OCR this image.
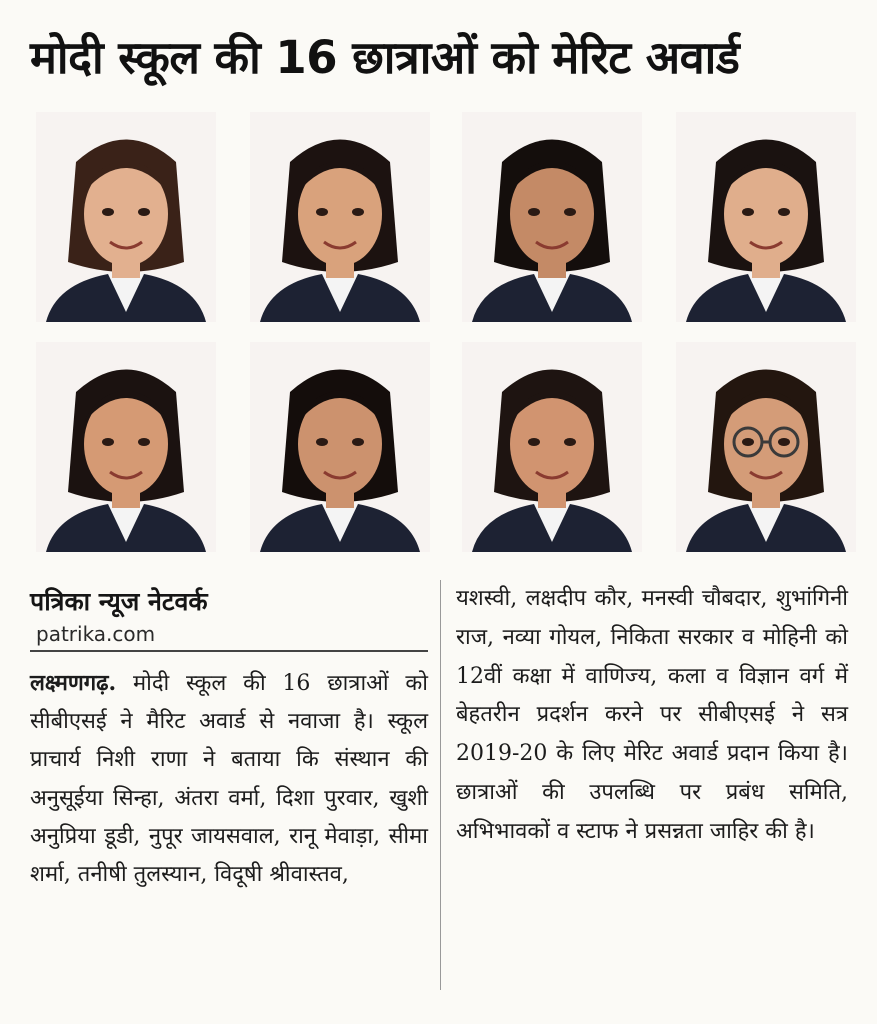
मोदी स्कूल की 16 छात्राओं को मेरिट अवार्ड
पत्रिका न्यूज नेटवर्क
patrika.com
लक्ष्मणगढ़. मोदी स्कूल की 16 छात्राओं को सीबीएसई ने मैरिट अवार्ड से नवाजा है। स्कूल प्राचार्य निशी राणा ने बताया कि संस्थान की अनुसूईया सिन्हा, अंतरा वर्मा, दिशा पुरवार, खुशी अनुप्रिया डूडी, नुपूर जायसवाल, रानू मेवाड़ा, सीमा शर्मा, तनीषी तुलस्यान, विदूषी श्रीवास्तव,
यशस्वी, लक्षदीप कौर, मनस्वी चौबदार, शुभांगिनी राज, नव्या गोयल, निकिता सरकार व मोहिनी को 12वीं कक्षा में वाणिज्य, कला व विज्ञान वर्ग में बेहतरीन प्रदर्शन करने पर सीबीएसई ने सत्र 2019-20 के लिए मेरिट अवार्ड प्रदान किया है। छात्राओं की उपलब्धि पर प्रबंध समिति, अभिभावकों व स्टाफ ने प्रसन्नता जाहिर की है।
